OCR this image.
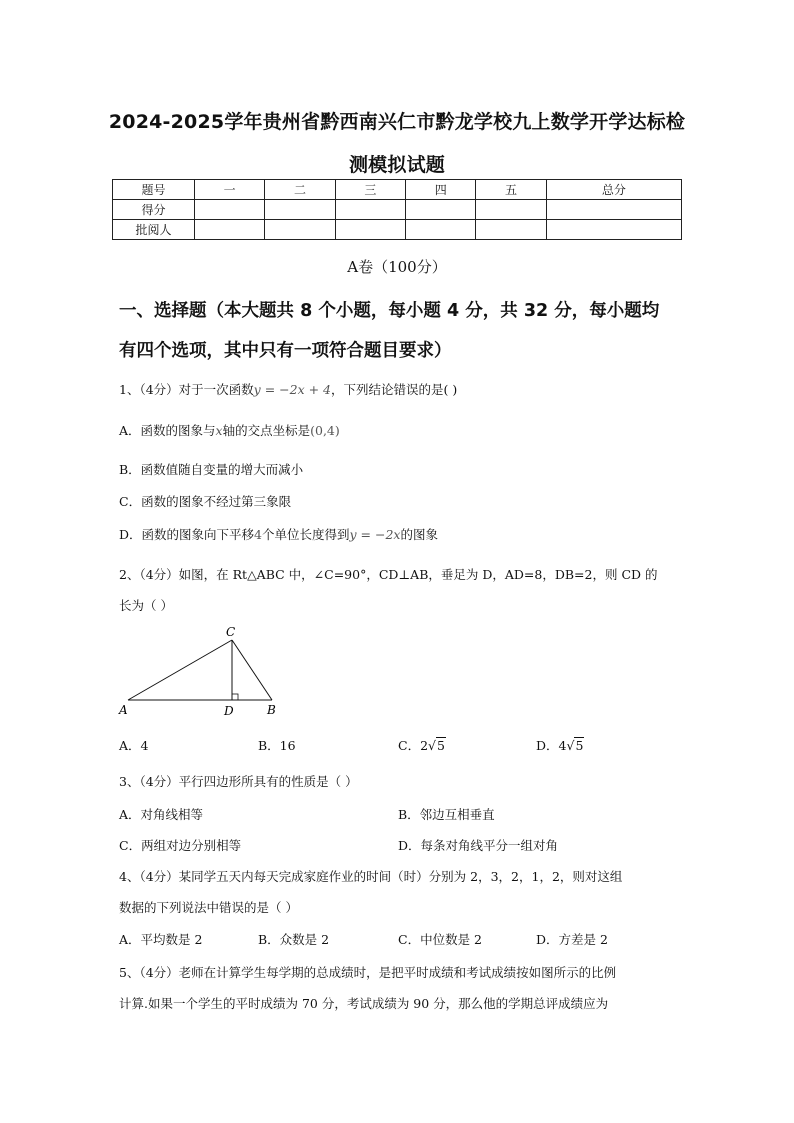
2024-2025学年贵州省黔西南兴仁市黔龙学校九上数学开学达标检
测模拟试题
题号	一	二	三	四	五	总分
得分						
批阅人						
A卷（100分）
一、选择题（本大题共 8 个小题，每小题 4 分，共 32 分，每小题均
有四个选项，其中只有一项符合题目要求）
1、（4分）对于一次函数y = −2x + 4，下列结论错误的是( )
A．函数的图象与x轴的交点坐标是(0,4)
B．函数值随自变量的增大而减小
C．函数的图象不经过第三象限
D．函数的图象向下平移4个单位长度得到y = −2x的图象
2、（4分）如图，在 Rt△ABC 中，∠C=90°，CD⊥AB，垂足为 D，AD=8，DB=2，则 CD 的
长为（ ）
C
A	D	B
A．4	B．16	C．2√5	D．4√5
3、（4分）平行四边形所具有的性质是（ ）
A．对角线相等	B．邻边互相垂直
C．两组对边分别相等	D．每条对角线平分一组对角
4、（4分）某同学五天内每天完成家庭作业的时间（时）分别为 2，3，2，1，2，则对这组
数据的下列说法中错误的是（ ）
A．平均数是 2	B．众数是 2	C．中位数是 2	D．方差是 2
5、（4分）老师在计算学生每学期的总成绩时，是把平时成绩和考试成绩按如图所示的比例
计算.如果一个学生的平时成绩为 70 分，考试成绩为 90 分，那么他的学期总评成绩应为
